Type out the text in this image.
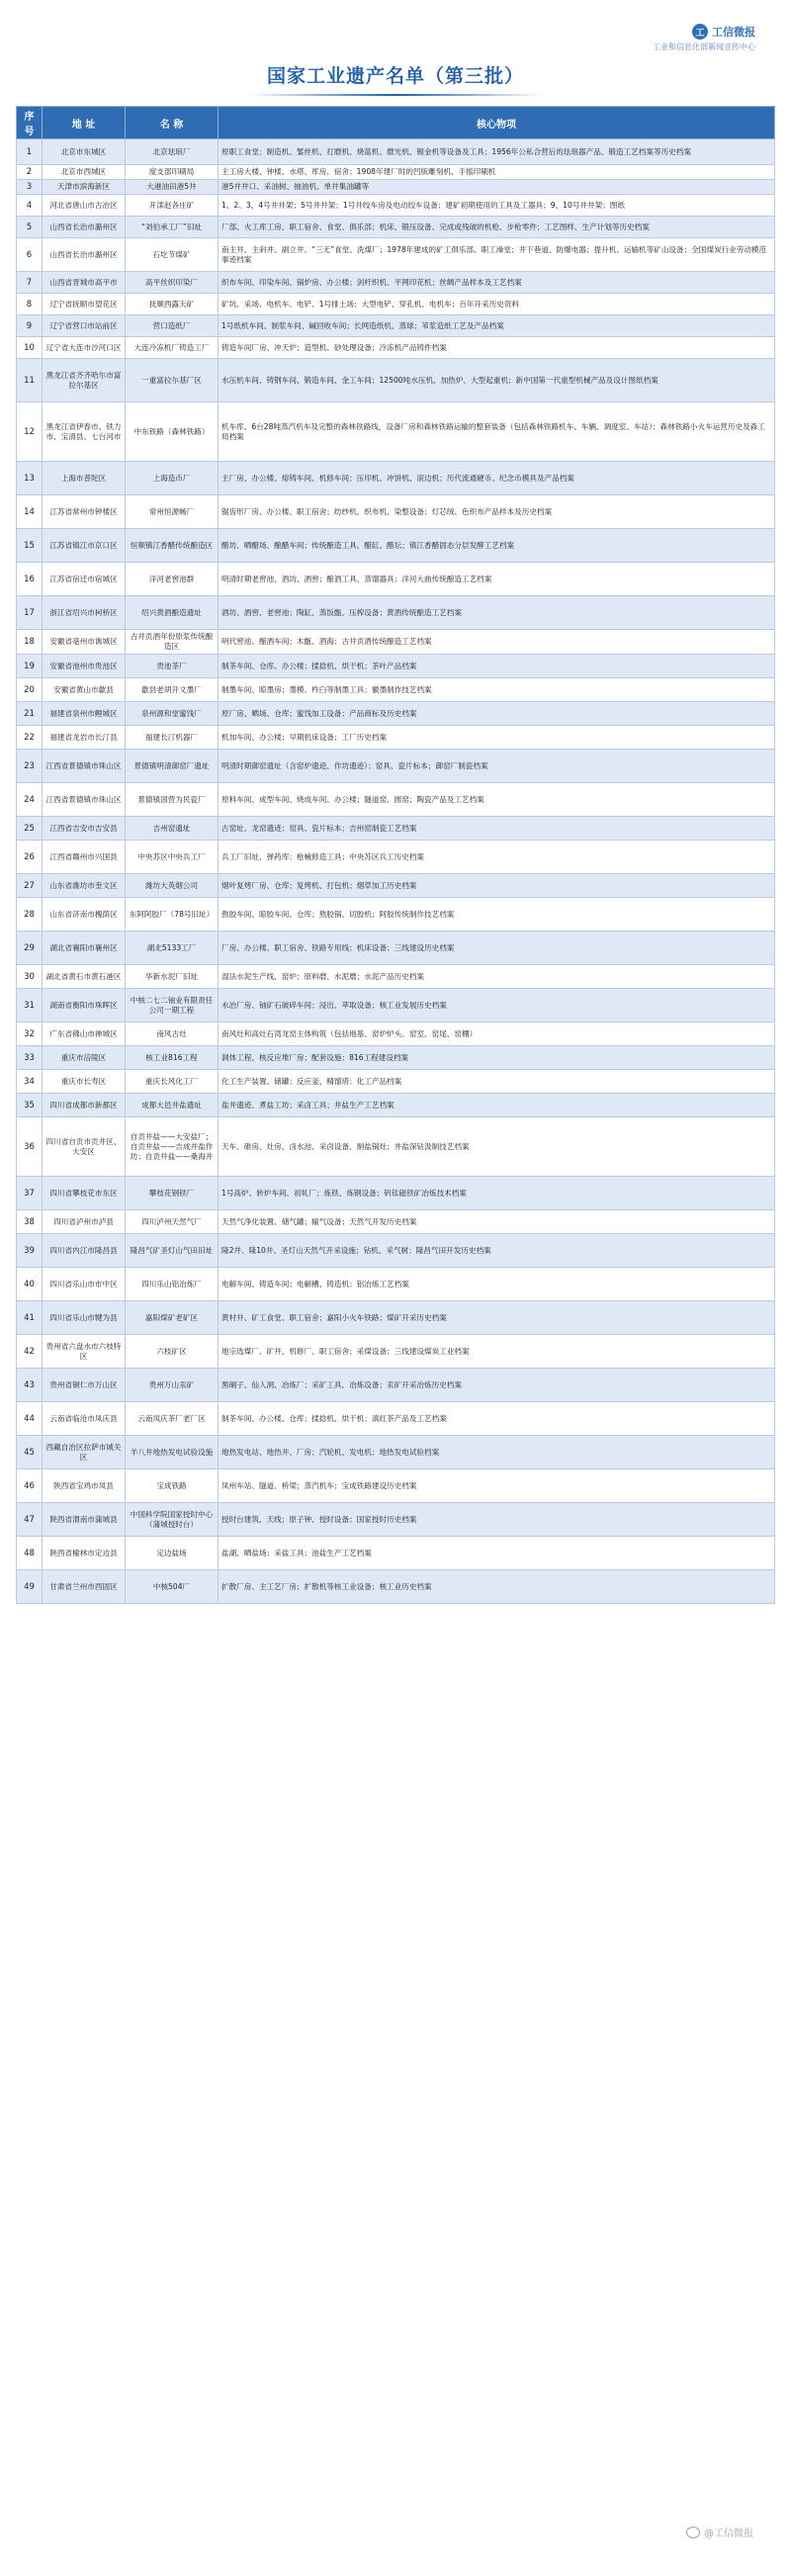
工 工信微报
工业和信息化部新闻宣传中心
国家工业遗产名单（第三批）
序 号	地 址	名 称	核心物项
1	北京市东城区	北京珐琅厂	原职工食堂；制造机、錾丝机、打磨机、烧蓝机、磨光机、镀金机等设备及工具；1956年公私合营后的珐琅器产品、锻造工艺档案等历史档案
2	北京市西城区	度支部印刷局	主工房大楼、钟楼、水塔、库房、宿舍；1908年建厂时的凹版雕刻机、手摇印刷机
3	天津市滨海新区	大港油田港5井	港5井井口、采油树、抽油机、单井集油罐等
4	河北省唐山市古冶区	开滦赵各庄矿	1、2、3、4号井井架；5号井井架；1号井绞车房及电动绞车设备；建矿初期使用的工具及工器具；9、10号井井架；图纸
5	山西省长治市潞州区	“刘伯承工厂”旧址	厂部、火工库工房、职工宿舍、食堂、俱乐部；机床、锻压设备、完成或残破的机枪、步枪零件；工艺图样、生产计划等历史档案
6	山西省长治市潞州区	石圪节煤矿	南主井、主斜井、副立井、“三无”食堂、洗煤厂；1978年建成的矿工俱乐部、职工澡堂；井下巷道、防爆电器；提升机、运输机等矿山设备；全国煤炭行业劳动模范事迹档案
7	山西省晋城市高平市	高平丝织印染厂	织布车间、印染车间、锅炉房、办公楼；剑杆织机、平网印花机；丝绸产品样本及工艺档案
8	辽宁省抚顺市望花区	抚顺西露天矿	矿坑、采场、电机车、电铲、1号排土场；大型电铲、穿孔机、电机车；百年开采历史资料
9	辽宁省营口市站前区	营口造纸厂	1号纸机车间、制浆车间、碱回收车间；长网造纸机、蒸球；苇浆造纸工艺及产品档案
10	辽宁省大连市沙河口区	大连冷冻机厂铸造工厂	铸造车间厂房、冲天炉；造型机、砂处理设备；冷冻机产品铸件档案
11	黑龙江省齐齐哈尔市富拉尔基区	一重富拉尔基厂区	水压机车间、铸钢车间、锻造车间、金工车间；12500吨水压机、加热炉、大型起重机；新中国第一代重型机械产品及设计图纸档案
12	黑龙江省伊春市、铁力市、宝清县、七台河市	中东铁路（森林铁路）	机车库、6台28吨蒸汽机车及完整的森林铁路线，设备厂房和森林铁路运输的整套装备（包括森林铁路机车、车辆、调度室、车站）；森林铁路小火车运营历史及森工局档案
13	上海市普陀区	上海造币厂	主厂房、办公楼、熔铸车间、机修车间；压印机、冲饼机、滚边机；历代流通硬币、纪念币模具及产品档案
14	江苏省常州市钟楼区	常州恒源畅厂	锯齿形厂房、办公楼、职工宿舍；纺纱机、织布机、染整设备；灯芯绒、色织布产品样本及历史档案
15	江苏省镇江市京口区	恒顺镇江香醋传统酿造区	醋坊、晒醋场、酿醋车间；传统酿造工具、醋缸、醋坛；镇江香醋固态分层发酵工艺档案
16	江苏省宿迁市宿城区	洋河老窖池群	明清时期老窖池、酒坊、酒窖；酿酒工具、蒸馏器具；洋河大曲传统酿造工艺档案
17	浙江省绍兴市柯桥区	绍兴黄酒酿造遗址	酒坊、酒窖、老窖池；陶缸、蒸饭甑、压榨设备；黄酒传统酿造工艺档案
18	安徽省亳州市谯城区	古井贡酒年份原浆传统酿造区	明代窖池、酿酒车间；木甑、酒海；古井贡酒传统酿造工艺档案
19	安徽省池州市贵池区	贵池茶厂	制茶车间、仓库、办公楼；揉捻机、烘干机；茶叶产品档案
20	安徽省黄山市歙县	歙县老胡开文墨厂	制墨车间、晾墨房；墨模、杵臼等制墨工具；徽墨制作技艺档案
21	福建省泉州市鲤城区	泉州源和堂蜜饯厂	原厂房、晒场、仓库；蜜饯加工设备；产品商标及历史档案
22	福建省龙岩市长汀县	福建长汀机器厂	机加车间、办公楼；早期机床设备；工厂历史档案
23	江西省景德镇市珠山区	景德镇明清御窑厂遗址	明清时期御窑遗址（含窑炉遗迹、作坊遗迹）；窑具、瓷片标本；御窑厂制瓷档案
24	江西省景德镇市珠山区	景德镇国营为民瓷厂	原料车间、成型车间、烧成车间、办公楼；隧道窑、圆窑；陶瓷产品及工艺档案
25	江西省吉安市吉安县	吉州窑遗址	古窑址、龙窑遗迹；窑具、瓷片标本；吉州窑制瓷工艺档案
26	江西省赣州市兴国县	中央苏区中央兵工厂	兵工厂旧址、弹药库；枪械修造工具；中央苏区兵工历史档案
27	山东省潍坊市奎文区	潍坊大英烟公司	烟叶复烤厂房、仓库；复烤机、打包机；烟草加工历史档案
28	山东省济南市槐荫区	东阿阿胶厂（78号旧址）	熬胶车间、晾胶车间、仓库；熬胶锅、切胶机；阿胶传统制作技艺档案
29	湖北省襄阳市襄州区	湖北5133工厂	厂房、办公楼、职工宿舍、铁路专用线；机床设备；三线建设历史档案
30	湖北省黄石市黄石港区	华新水泥厂旧址	湿法水泥生产线、窑炉；原料磨、水泥磨；水泥产品历史档案
31	湖南省衡阳市珠晖区	中核二七二铀业有限责任公司一期工程	水冶厂房、铀矿石破碎车间；浸出、萃取设备；核工业发展历史档案
32	广东省佛山市禅城区	南风古灶	南风灶和高灶石湾龙窑主体构筑（包括地基、窑炉炉头、窑室、窑尾、窑棚）
33	重庆市涪陵区	核工业816工程	洞体工程、核反应堆厂房；配套设施；816工程建设档案
34	重庆市长寿区	重庆长风化工厂	化工生产装置、储罐；反应釜、精馏塔；化工产品档案
35	四川省成都市新都区	成都大邑井盐遗址	盐井遗迹、煮盐工坊；采卤工具；井盐生产工艺档案
36	四川省自贡市贡井区、大安区	自贡井盐——大安盐厂；自贡井盐——吉成井盐作坊；自贡井盐——桑海井	天车、碓房、灶房、卤水池、采卤设备、制盐锅灶；井盐深钻汲制技艺档案
37	四川省攀枝花市东区	攀枝花钢铁厂	1号高炉、转炉车间、初轧厂；炼铁、炼钢设备；钒钛磁铁矿冶炼技术档案
38	四川省泸州市泸县	四川泸州天然气厂	天然气净化装置、储气罐；输气设备；天然气开发历史档案
39	四川省内江市隆昌县	隆昌气矿圣灯山气田旧址	隆2井、隆10井、圣灯山天然气开采设施；钻机、采气树；隆昌气田开发历史档案
40	四川省乐山市市中区	四川乐山铝冶炼厂	电解车间、铸造车间；电解槽、铸造机；铝冶炼工艺档案
41	四川省乐山市犍为县	嘉阳煤矿老矿区	黄村井、矿工食堂、职工宿舍；嘉阳小火车铁路；煤矿开采历史档案
42	贵州省六盘水市六枝特区	六枝矿区	地宗选煤厂、矿井、机修厂、职工宿舍；采煤设备；三线建设煤炭工业档案
43	贵州省铜仁市万山区	贵州万山汞矿	黑硐子、仙人洞、冶炼厂；采矿工具、冶炼设备；汞矿开采冶炼历史档案
44	云南省临沧市凤庆县	云南凤庆茶厂老厂区	制茶车间、办公楼、仓库；揉捻机、烘干机；滇红茶产品及工艺档案
45	西藏自治区拉萨市城关区	羊八井地热发电试验设施	地热发电站、地热井、厂房；汽轮机、发电机；地热发电试验档案
46	陕西省宝鸡市凤县	宝成铁路	凤州车站、隧道、桥梁；蒸汽机车；宝成铁路建设历史档案
47	陕西省渭南市蒲城县	中国科学院国家授时中心（蒲城授时台）	授时台建筑、天线；原子钟、授时设备；国家授时历史档案
48	陕西省榆林市定边县	定边盐场	盐湖、晒盐场；采盐工具；池盐生产工艺档案
49	甘肃省兰州市西固区	中核504厂	扩散厂房、主工艺厂房；扩散机等核工业设备；核工业历史档案
@工信微报
